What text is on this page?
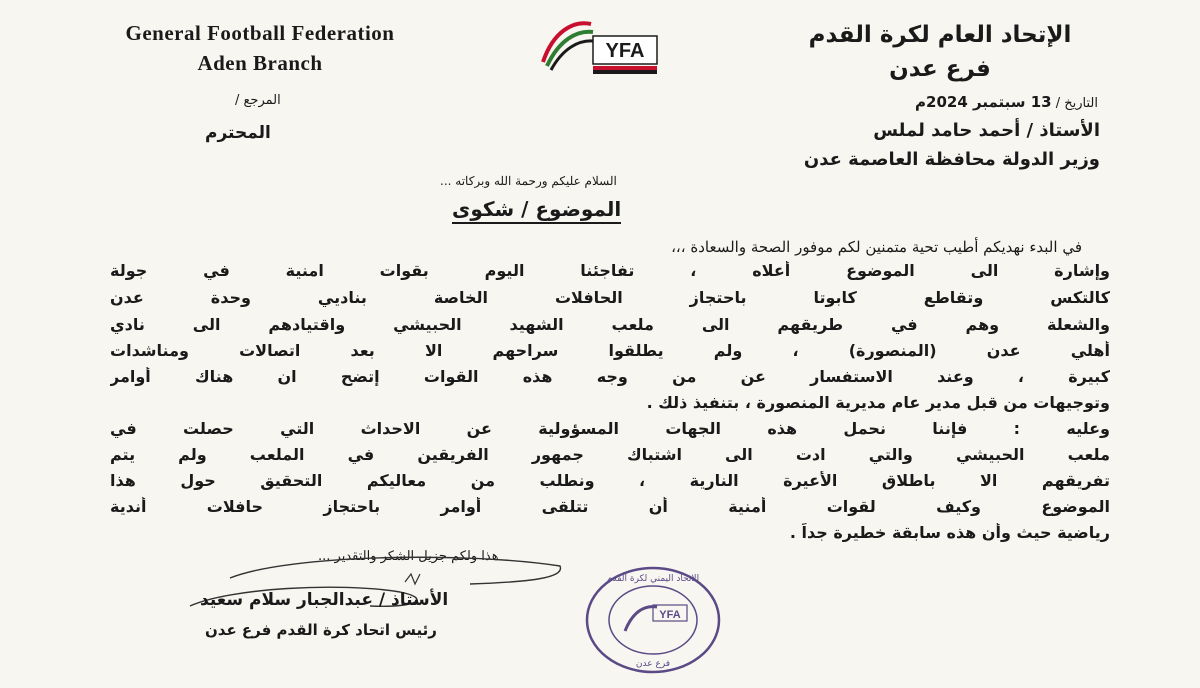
General Football Federation
Aden Branch	YFA
الإتحاد العام لكرة القدم
فرع عدن
التاريخ / 13 سبتمبر 2024م
المرجع /
الأستاذ / أحمد حامد لملس
وزير الدولة محافظة العاصمة عدن
المحترم
السلام عليكم ورحمة الله وبركاته ...
الموضوع / شكوى
في البدء نهديكم أطيب تحية متمنين لكم موفور الصحة والسعادة ،،،
وإشارة الى الموضوع أعلاه ، تفاجئنا اليوم بقوات امنية في جولة
كالتكس وتقاطع كابوتا باحتجاز الحافلات الخاصة بناديي وحدة عدن
والشعلة وهم في طريقهم الى ملعب الشهيد الحبيشي واقتيادهم الى نادي
أهلي عدن (المنصورة) ، ولم يطلقوا سراحهم الا بعد اتصالات ومناشدات
كبيرة ، وعند الاستفسار عن من وجه هذه القوات إتضح ان هناك أوامر
وتوجيهات من قبل مدير عام مديرية المنصورة ، بتنفيذ ذلك .
وعليه : فإننا نحمل هذه الجهات المسؤولية عن الاحداث التي حصلت في
ملعب الحبيشي والتي ادت الى اشتباك جمهور الفريقين في الملعب ولم يتم
تفريقهم الا باطلاق الأعيرة النارية ، ونطلب من معاليكم التحقيق حول هذا
الموضوع وكيف لقوات أمنية أن تتلقى أوامر باحتجاز حافلات أندية
رياضية حيث وأن هذه سابقة خطيرة جداً .
هذا ولكم جزيل الشكر والتقدير ...
الأستاذ / عبدالجبار سلام سعيد
رئيس اتحاد كرة القدم فرع عدن
الاتحاد اليمني لكرة القدم
YFA
فرع عدن
